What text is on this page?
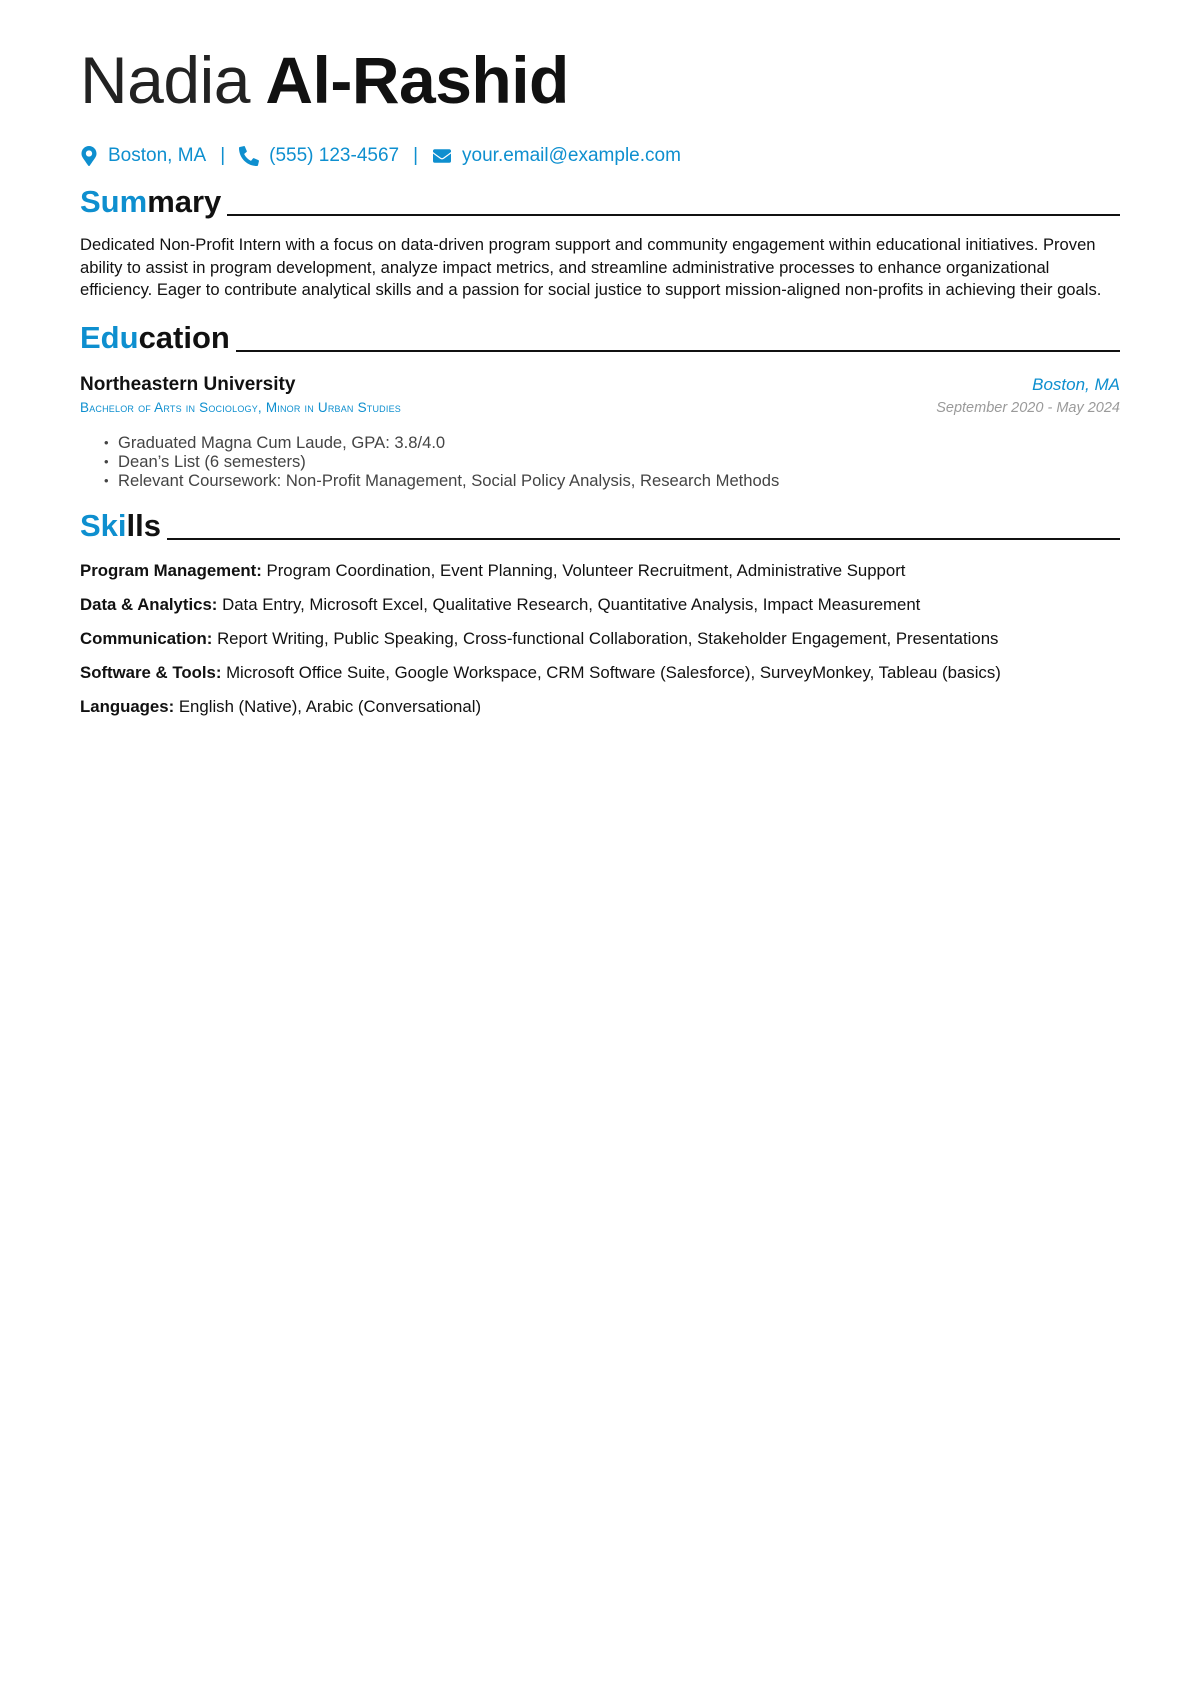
Nadia Al-Rashid
Boston, MA | (555) 123-4567 | your.email@example.com
Summary
Dedicated Non-Profit Intern with a focus on data-driven program support and community engagement within educational initiatives. Proven ability to assist in program development, analyze impact metrics, and streamline administrative processes to enhance organizational efficiency. Eager to contribute analytical skills and a passion for social justice to support mission-aligned non-profits in achieving their goals.
Education
Northeastern University	Boston, MA
Bachelor of Arts in Sociology, Minor in Urban Studies	September 2020 - May 2024
• Graduated Magna Cum Laude, GPA: 3.8/4.0
• Dean’s List (6 semesters)
• Relevant Coursework: Non-Profit Management, Social Policy Analysis, Research Methods
Skills
Program Management: Program Coordination, Event Planning, Volunteer Recruitment, Administrative Support
Data & Analytics: Data Entry, Microsoft Excel, Qualitative Research, Quantitative Analysis, Impact Measurement
Communication: Report Writing, Public Speaking, Cross-functional Collaboration, Stakeholder Engagement, Presentations
Software & Tools: Microsoft Office Suite, Google Workspace, CRM Software (Salesforce), SurveyMonkey, Tableau (basics)
Languages: English (Native), Arabic (Conversational)
